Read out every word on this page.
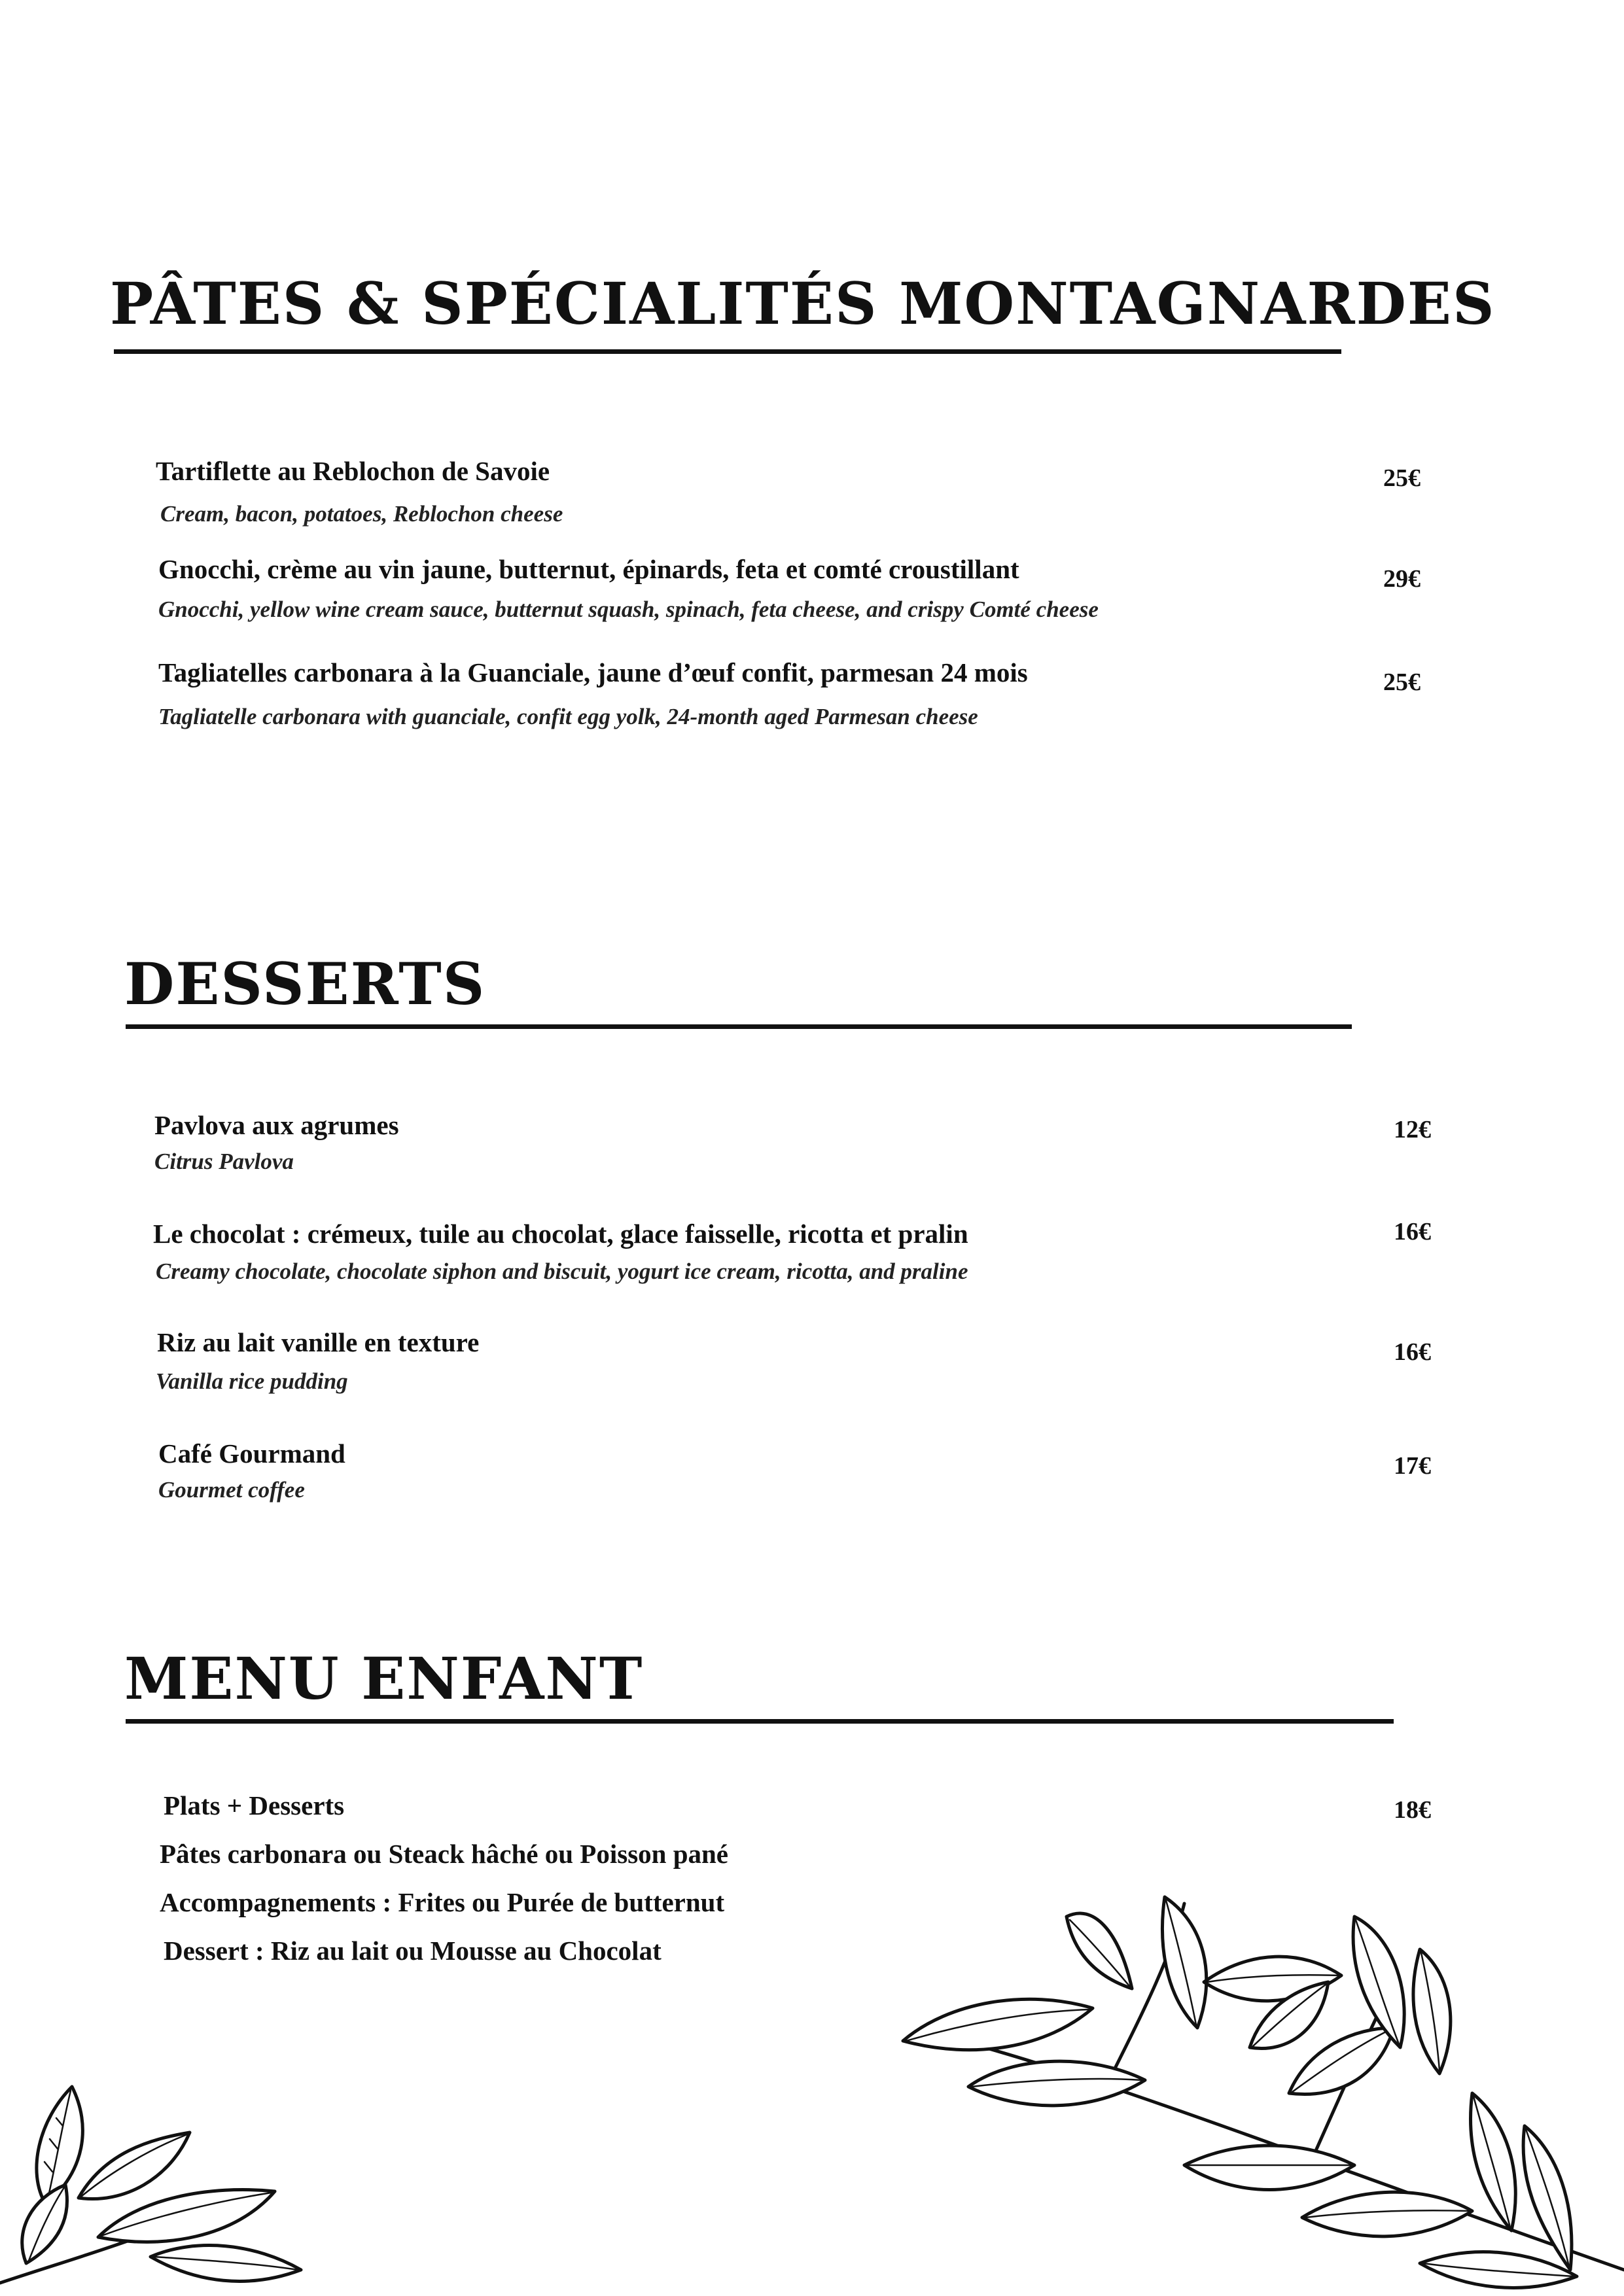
PÂTES & SPÉCIALITÉS MONTAGNARDES
Tartiflette au Reblochon de Savoie
Cream, bacon, potatoes, Reblochon cheese
25€
Gnocchi, crème au vin jaune, butternut, épinards, feta et comté croustillant
Gnocchi, yellow wine cream sauce, butternut squash, spinach, feta cheese, and crispy Comté cheese
29€
Tagliatelles carbonara à la Guanciale, jaune d’œuf confit, parmesan 24 mois
Tagliatelle carbonara with guanciale, confit egg yolk, 24-month aged Parmesan cheese
25€
DESSERTS
Pavlova aux agrumes
Citrus Pavlova
12€
Le chocolat : crémeux, tuile au chocolat, glace faisselle, ricotta et pralin
Creamy chocolate, chocolate siphon and biscuit, yogurt ice cream, ricotta, and praline
16€
Riz au lait vanille en texture
Vanilla rice pudding
16€
Café Gourmand
Gourmet coffee
17€
MENU ENFANT
Plats + Desserts
Pâtes carbonara ou Steack hâché ou Poisson pané
Accompagnements : Frites ou Purée de butternut
Dessert : Riz au lait ou Mousse au Chocolat
18€
